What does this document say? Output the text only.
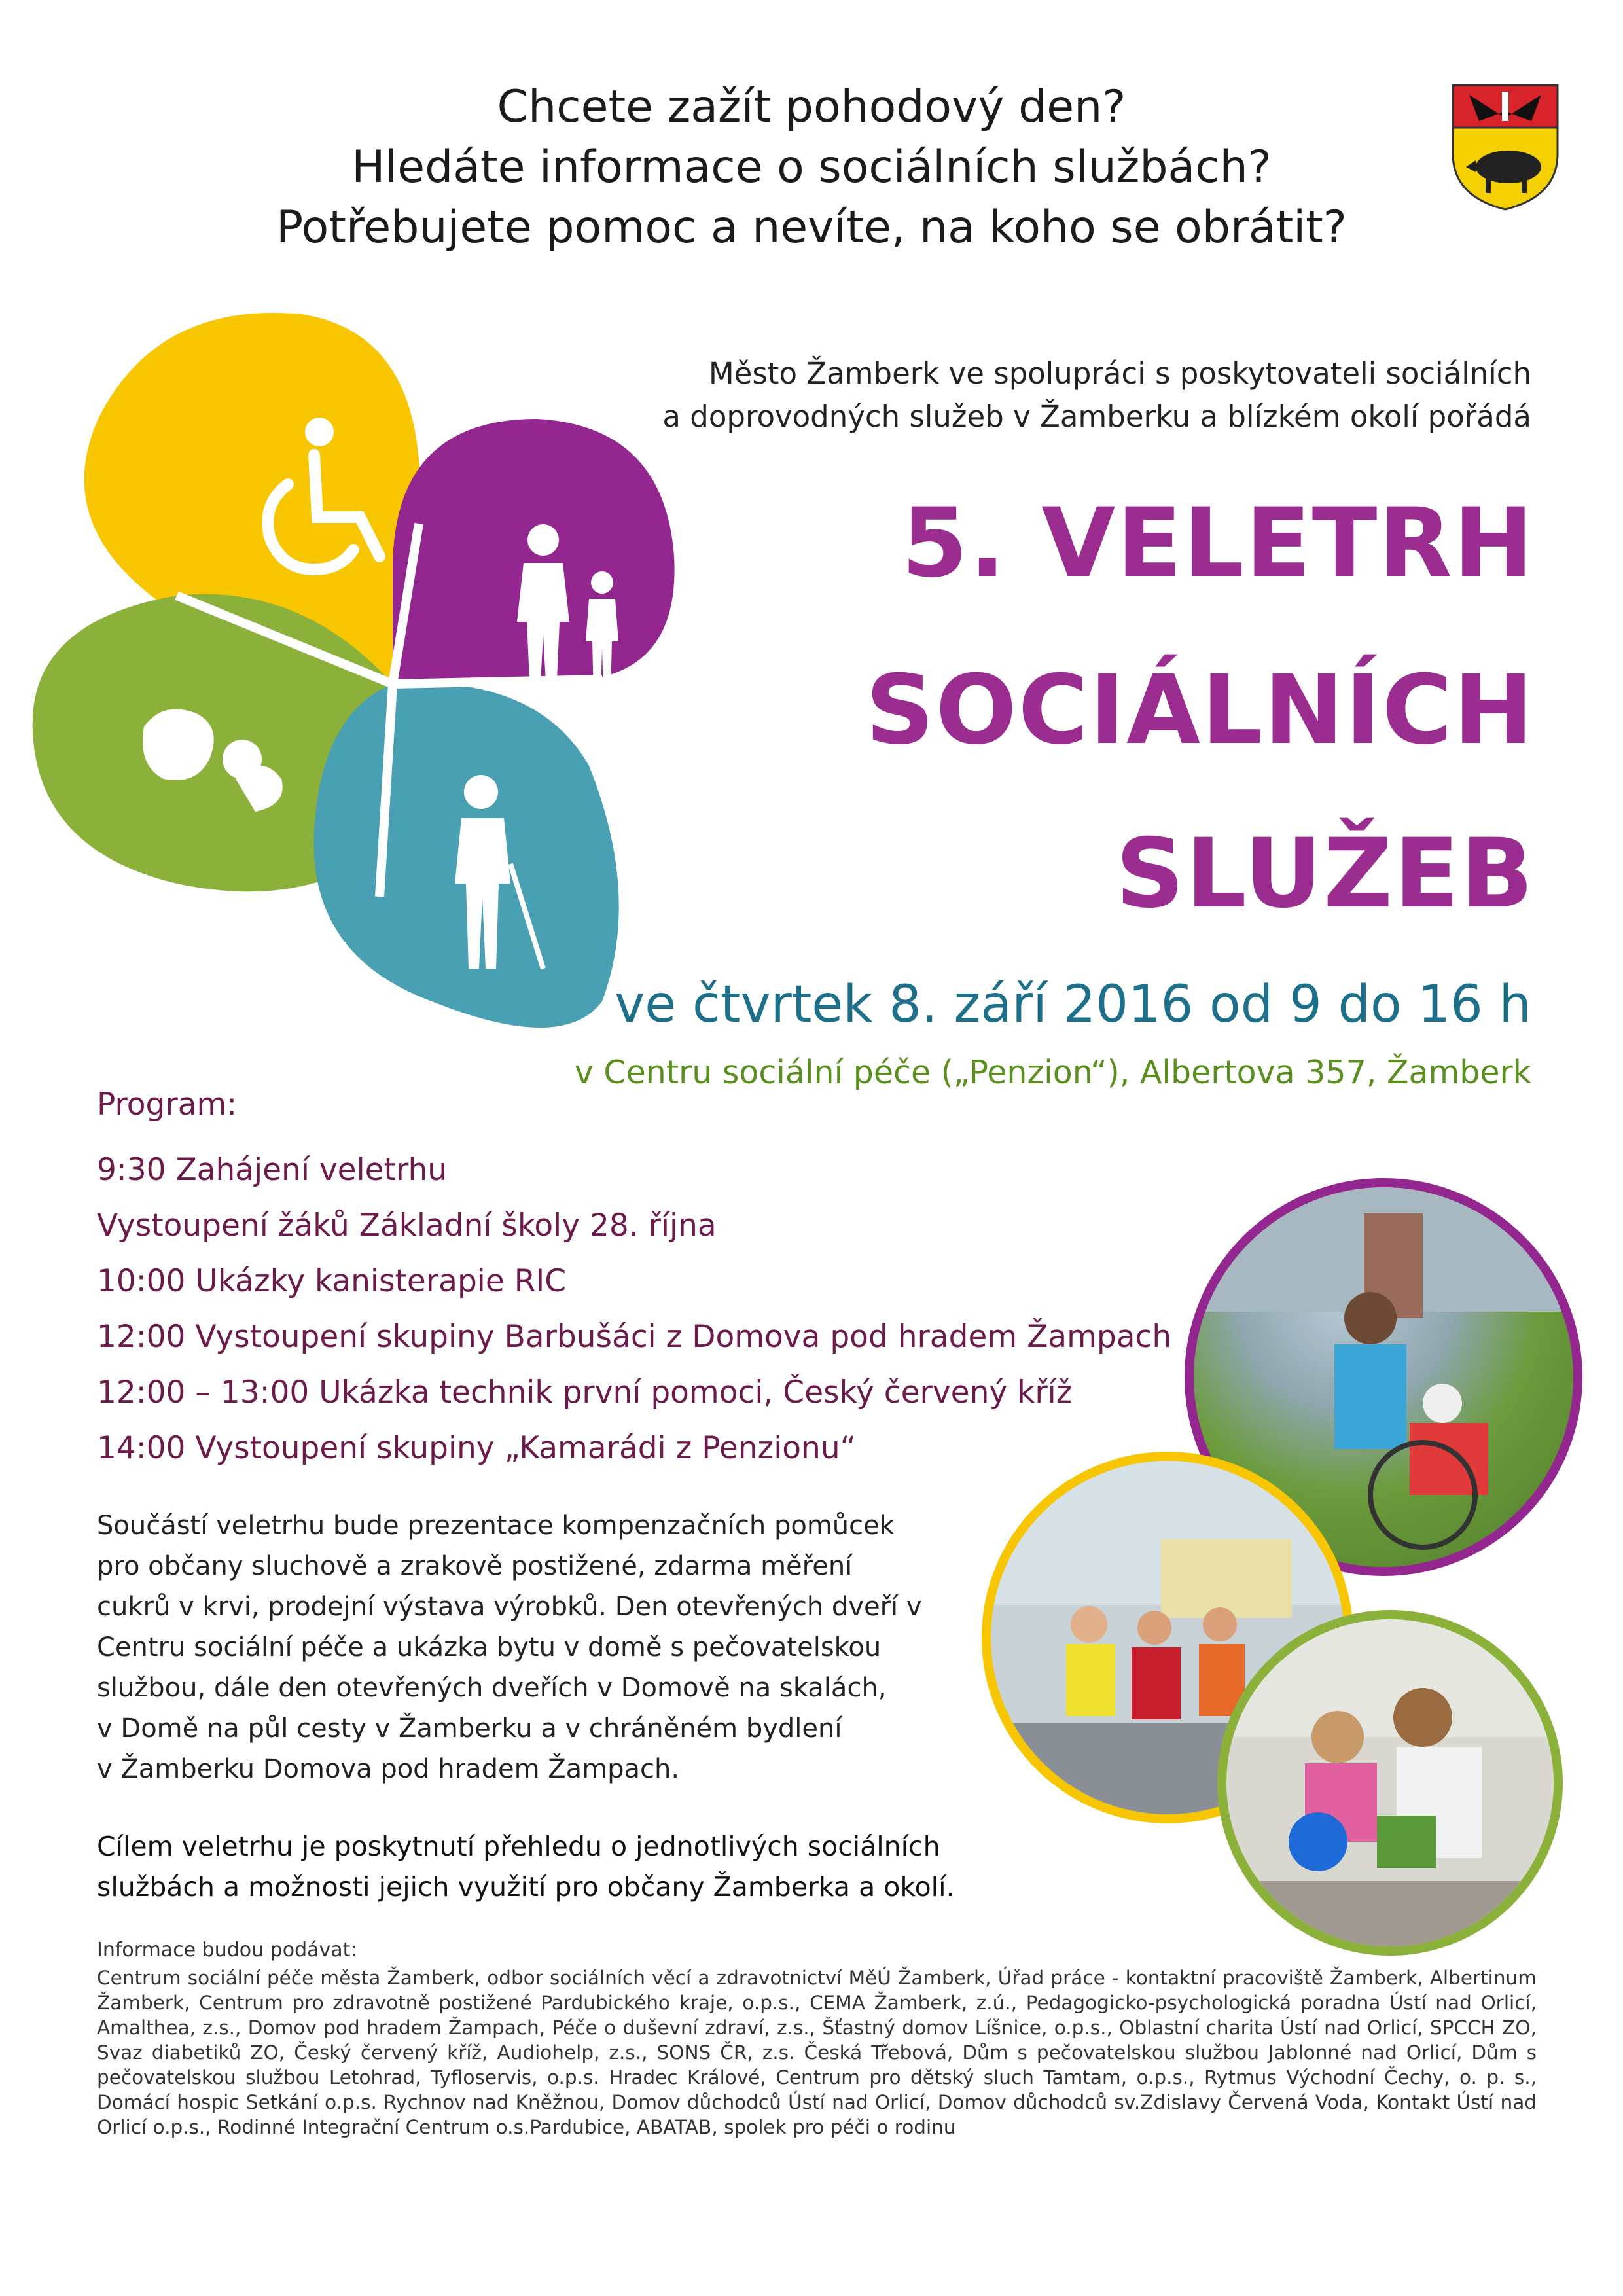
Chcete zažít pohodový den?
Hledáte informace o sociálních službách?
Potřebujete pomoc a nevíte, na koho se obrátit?
Město Žamberk ve spolupráci s poskytovateli sociálních
a doprovodných služeb v Žamberku a blízkém okolí pořádá
5. VELETRH
SOCIÁLNÍCH
SLUŽEB
ve čtvrtek 8. září 2016 od 9 do 16 h
v Centru sociální péče („Penzion“), Albertova 357, Žamberk
Program:
9:30 Zahájení veletrhu
Vystoupení žáků Základní školy 28. října
10:00 Ukázky kanisterapie RIC
12:00 Vystoupení skupiny Barbušáci z Domova pod hradem Žampach
12:00 – 13:00 Ukázka technik první pomoci, Český červený kříž
14:00 Vystoupení skupiny „Kamarádi z Penzionu“
Součástí veletrhu bude prezentace kompenzačních pomůcek
pro občany sluchově a zrakově postižené, zdarma měření
cukrů v krvi, prodejní výstava výrobků. Den otevřených dveří v
Centru sociální péče a ukázka bytu v domě s pečovatelskou
službou, dále den otevřených dveřích v Domově na skalách,
v Domě na půl cesty v Žamberku a v chráněném bydlení
v Žamberku Domova pod hradem Žampach.
Cílem veletrhu je poskytnutí přehledu o jednotlivých sociálních
službách a možnosti jejich využití pro občany Žamberka a okolí.
Informace budou podávat:
Centrum sociální péče města Žamberk, odbor sociálních věcí a zdravotnictví MěÚ Žamberk, Úřad práce - kontaktní pracoviště Žamberk, Albertinum Žamberk, Centrum pro zdravotně postižené Pardubického kraje, o.p.s., CEMA Žamberk, z.ú., Pedagogicko-psychologická poradna Ústí nad Orlicí, Amalthea, z.s., Domov pod hradem Žampach, Péče o duševní zdraví, z.s., Šťastný domov Líšnice, o.p.s., Oblastní charita Ústí nad Orlicí, SPCCH ZO, Svaz diabetiků ZO, Český červený kříž, Audiohelp, z.s., SONS ČR, z.s. Česká Třebová, Dům s pečovatelskou službou Jablonné nad Orlicí, Dům s pečovatelskou službou Letohrad, Tyfloservis, o.p.s. Hradec Králové, Centrum pro dětský sluch Tamtam, o.p.s., Rytmus Východní Čechy, o. p. s., Domácí hospic Setkání o.p.s. Rychnov nad Kněžnou, Domov důchodců Ústí nad Orlicí, Domov důchodců sv.Zdislavy Červená Voda, Kontakt Ústí nad Orlicí o.p.s., Rodinné Integrační Centrum o.s.Pardubice, ABATAB, spolek pro péči o rodinu
